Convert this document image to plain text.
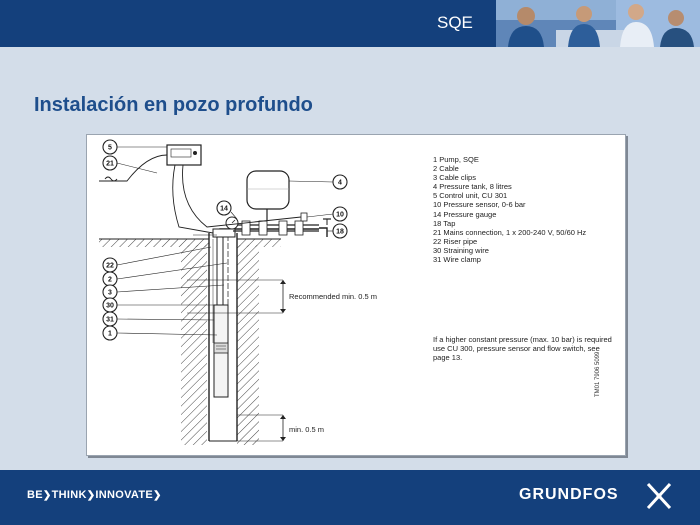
SQE
Instalación en pozo profundo
5
21
4
14
10
18
22
2
3
30
31
1
Recommended min. 0.5 m
min. 0.5 m
1 Pump, SQE
2 Cable
3 Cable clips
4 Pressure tank, 8 litres
5 Control unit, CU 301
10 Pressure sensor, 0-6 bar
14 Pressure gauge
18 Tap
21 Mains connection, 1 x 200-240 V, 50/60 Hz
22 Riser pipe
30 Straining wire
31 Wire clamp
If a higher constant pressure (max. 10 bar) is required use CU 300, pressure sensor and flow switch, see page 13.	TM01 7906 5099
BE❯THINK❯INNOVATE❯	GRUNDFOS
